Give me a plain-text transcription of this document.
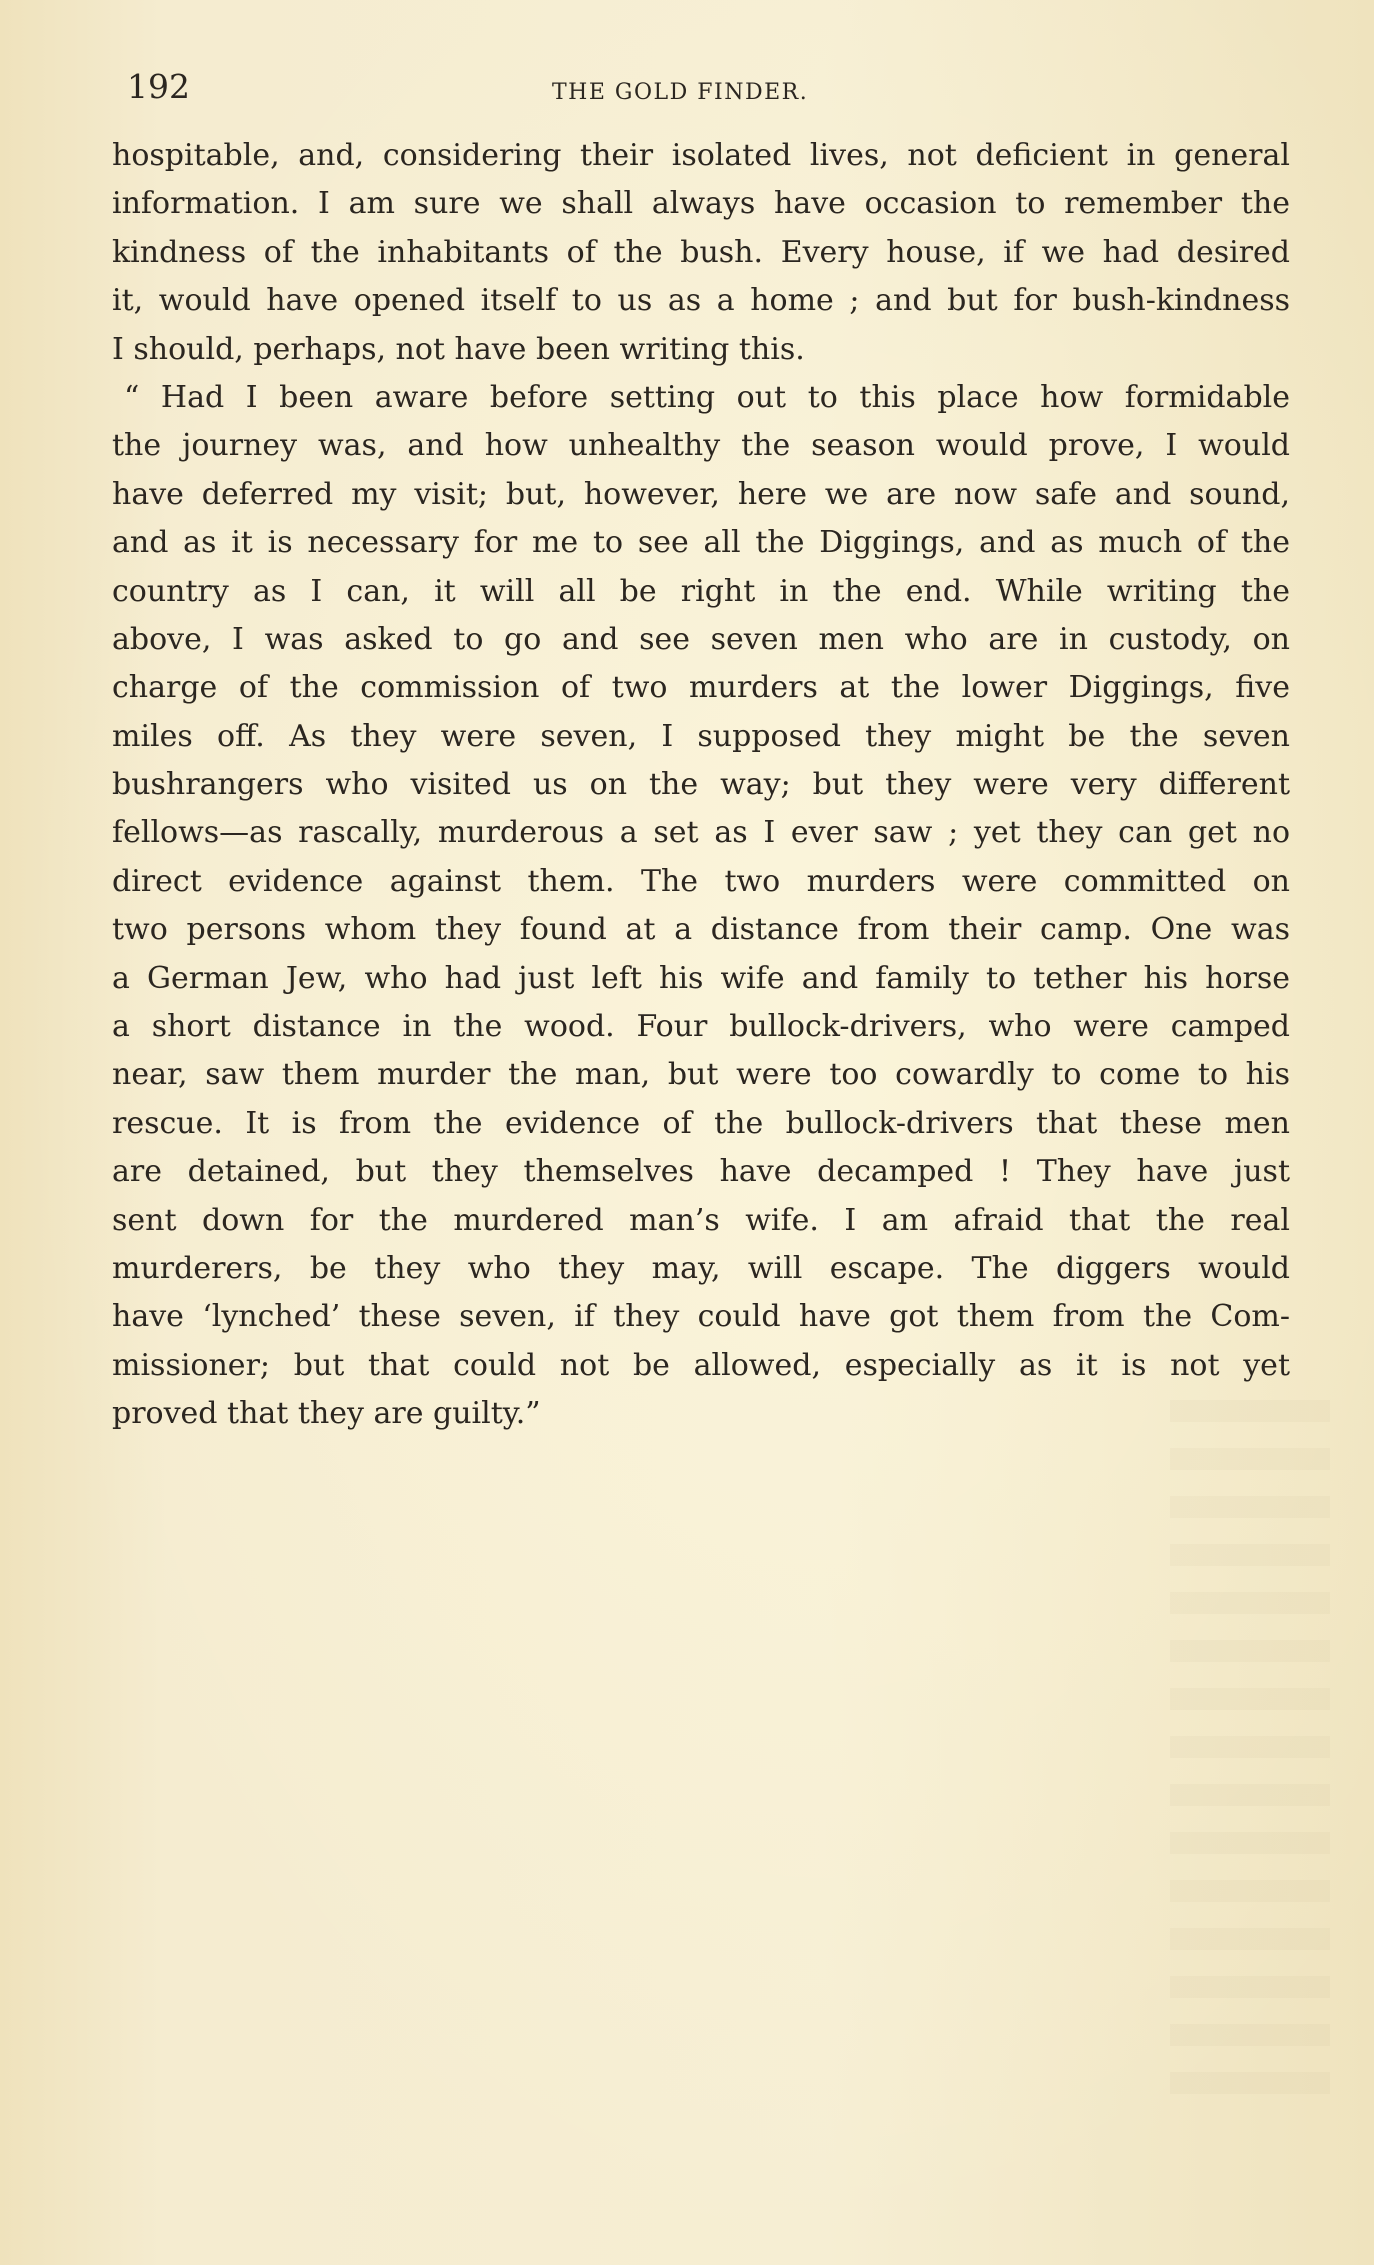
192	THE GOLD FINDER.
hospitable, and, considering their isolated lives, not deficient in general
information. I am sure we shall always have occasion to remember the
kindness of the inhabitants of the bush. Every house, if we had desired
it, would have opened itself to us as a home ; and but for bush-kindness
I should, perhaps, not have been writing this.
“ Had I been aware before setting out to this place how formidable
the journey was, and how unhealthy the season would prove, I would
have deferred my visit; but, however, here we are now safe and sound,
and as it is necessary for me to see all the Diggings, and as much of the
country as I can, it will all be right in the end. While writing the
above, I was asked to go and see seven men who are in custody, on
charge of the commission of two murders at the lower Diggings, five
miles off. As they were seven, I supposed they might be the seven
bushrangers who visited us on the way; but they were very different
fellows—as rascally, murderous a set as I ever saw ; yet they can get no
direct evidence against them. The two murders were committed on
two persons whom they found at a distance from their camp. One was
a German Jew, who had just left his wife and family to tether his horse
a short distance in the wood. Four bullock-drivers, who were camped
near, saw them murder the man, but were too cowardly to come to his
rescue. It is from the evidence of the bullock-drivers that these men
are detained, but they themselves have decamped ! They have just
sent down for the murdered man’s wife. I am afraid that the real
murderers, be they who they may, will escape. The diggers would
have ‘lynched’ these seven, if they could have got them from the Com-
missioner; but that could not be allowed, especially as it is not yet
proved that they are guilty.”
